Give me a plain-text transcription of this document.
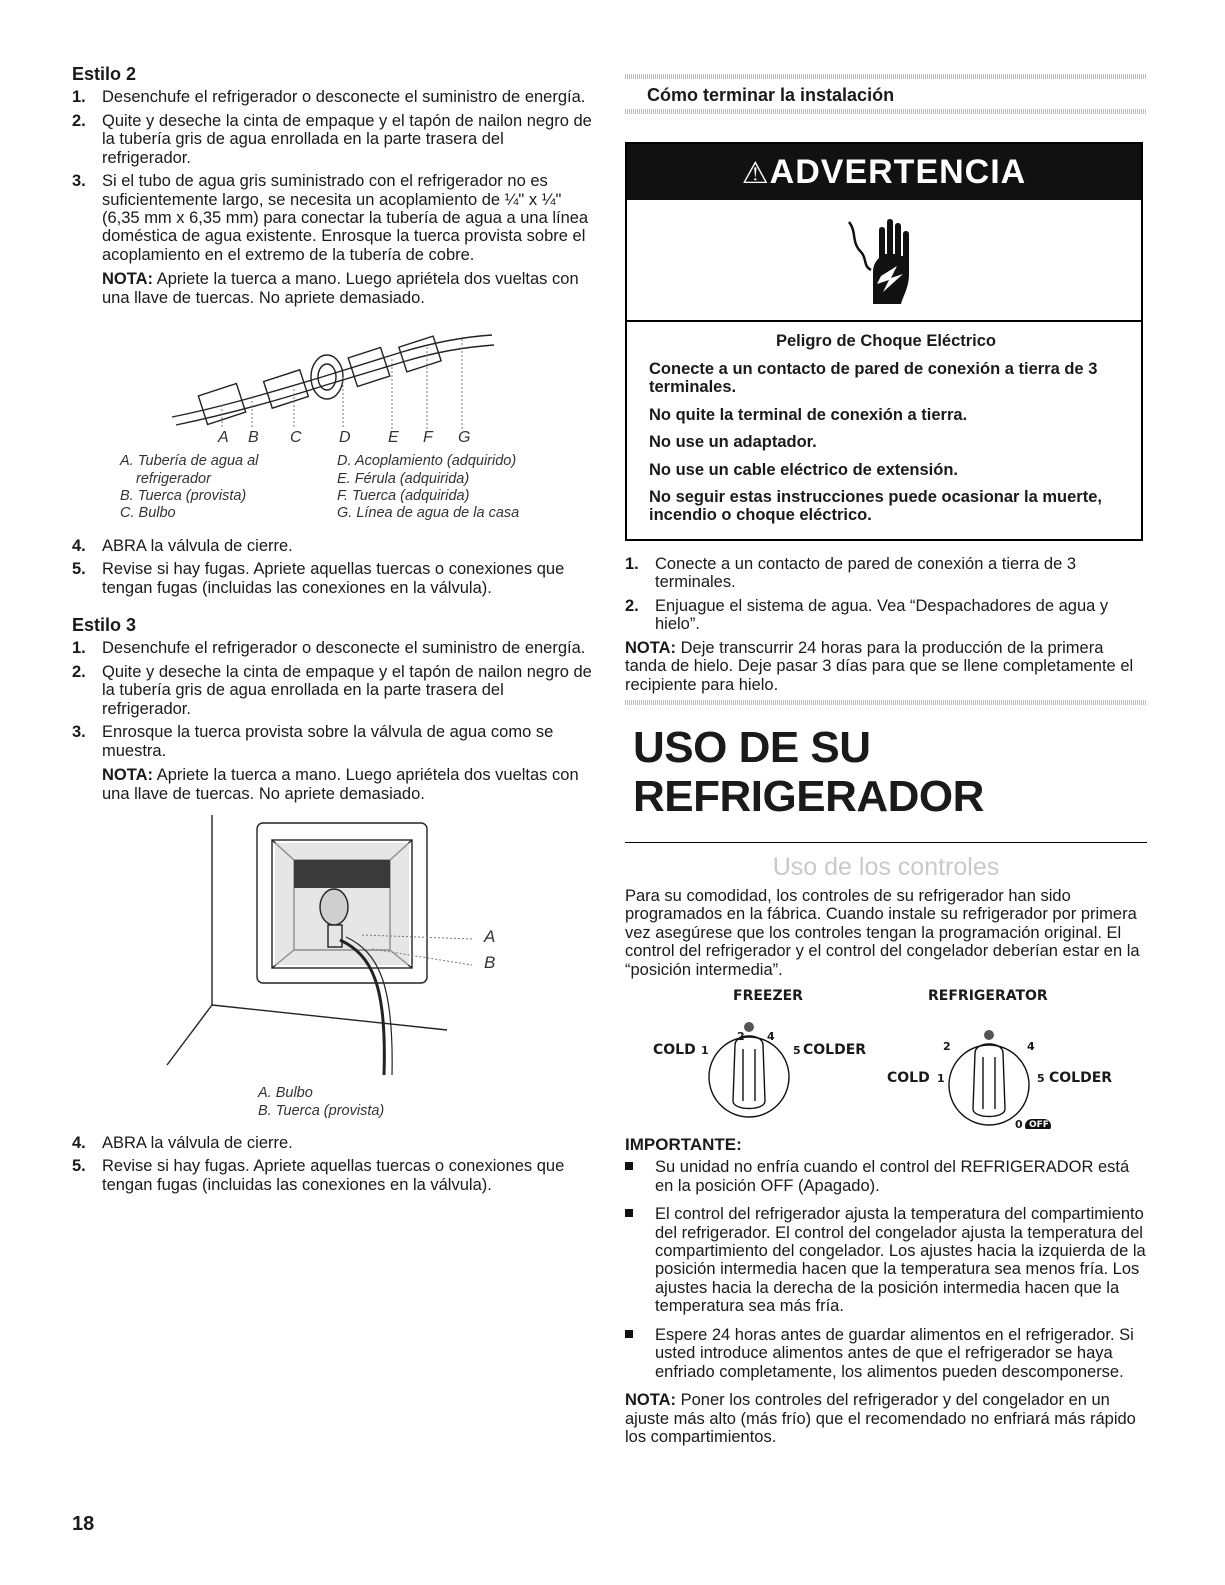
Estilo 2
1. Desenchufe el refrigerador o desconecte el suministro de energía.
2. Quite y deseche la cinta de empaque y el tapón de nailon negro de la tubería gris de agua enrollada en la parte trasera del refrigerador.
3. Si el tubo de agua gris suministrado con el refrigerador no es suficientemente largo, se necesita un acoplamiento de ¼" x ¼" (6,35 mm x 6,35 mm) para conectar la tubería de agua a una línea doméstica de agua existente. Enrosque la tuerca provista sobre el acoplamiento en el extremo de la tubería de cobre.

NOTA: Apriete la tuerca a mano. Luego apriétela dos vueltas con una llave de tuercas. No apriete demasiado.

A B C D E F G
A. Tubería de agua al
refrigerador
B. Tuerca (provista)
C. Bulbo
D. Acoplamiento (adquirido)
E. Férula (adquirida)
F. Tuerca (adquirida)
G. Línea de agua de la casa
4. ABRA la válvula de cierre.
5. Revise si hay fugas. Apriete aquellas tuercas o conexiones que tengan fugas (incluidas las conexiones en la válvula).
Estilo 3
1. Desenchufe el refrigerador o desconecte el suministro de energía.
2. Quite y deseche la cinta de empaque y el tapón de nailon negro de la tubería gris de agua enrollada en la parte trasera del refrigerador.
3. Enrosque la tuerca provista sobre la válvula de agua como se muestra.

NOTA: Apriete la tuerca a mano. Luego apriétela dos vueltas con una llave de tuercas. No apriete demasiado.

A
B
A. Bulbo
B. Tuerca (provista)
4. ABRA la válvula de cierre.
5. Revise si hay fugas. Apriete aquellas tuercas o conexiones que tengan fugas (incluidas las conexiones en la válvula).
Cómo terminar la instalación
⚠ADVERTENCIA

Peligro de Choque Eléctrico

Conecte a un contacto de pared de conexión a tierra de 3 terminales.

No quite la terminal de conexión a tierra.

No use un adaptador.

No use un cable eléctrico de extensión.

No seguir estas instrucciones puede ocasionar la muerte, incendio o choque eléctrico.

1. Conecte a un contacto de pared de conexión a tierra de 3 terminales.
2. Enjuague el sistema de agua. Vea “Despachadores de agua y hielo”.

NOTA: Deje transcurrir 24 horas para la producción de la primera tanda de hielo. Deje pasar 3 días para que se llene completamente el recipiente para hielo.

USO DE SU REFRIGERADOR
Uso de los controles

Para su comodidad, los controles de su refrigerador han sido programados en la fábrica. Cuando instale su refrigerador por primera vez asegúrese que los controles tengan la programación original. El control del refrigerador y el control del congelador deberían estar en la “posición intermedia”.

FREEZER	REFRIGERATOR
COLD 1
2 4
5 COLDER	2	4
COLD 1	5 COLDER
0 OFF
IMPORTANTE:
Su unidad no enfría cuando el control del REFRIGERADOR está en la posición OFF (Apagado).
El control del refrigerador ajusta la temperatura del compartimiento del refrigerador. El control del congelador ajusta la temperatura del compartimiento del congelador. Los ajustes hacia la izquierda de la posición intermedia hacen que la temperatura sea menos fría. Los ajustes hacia la derecha de la posición intermedia hacen que la temperatura sea más fría.
Espere 24 horas antes de guardar alimentos en el refrigerador. Si usted introduce alimentos antes de que el refrigerador se haya enfriado completamente, los alimentos pueden descomponerse.

NOTA: Poner los controles del refrigerador y del congelador en un ajuste más alto (más frío) que el recomendado no enfriará más rápido los compartimientos.

18
